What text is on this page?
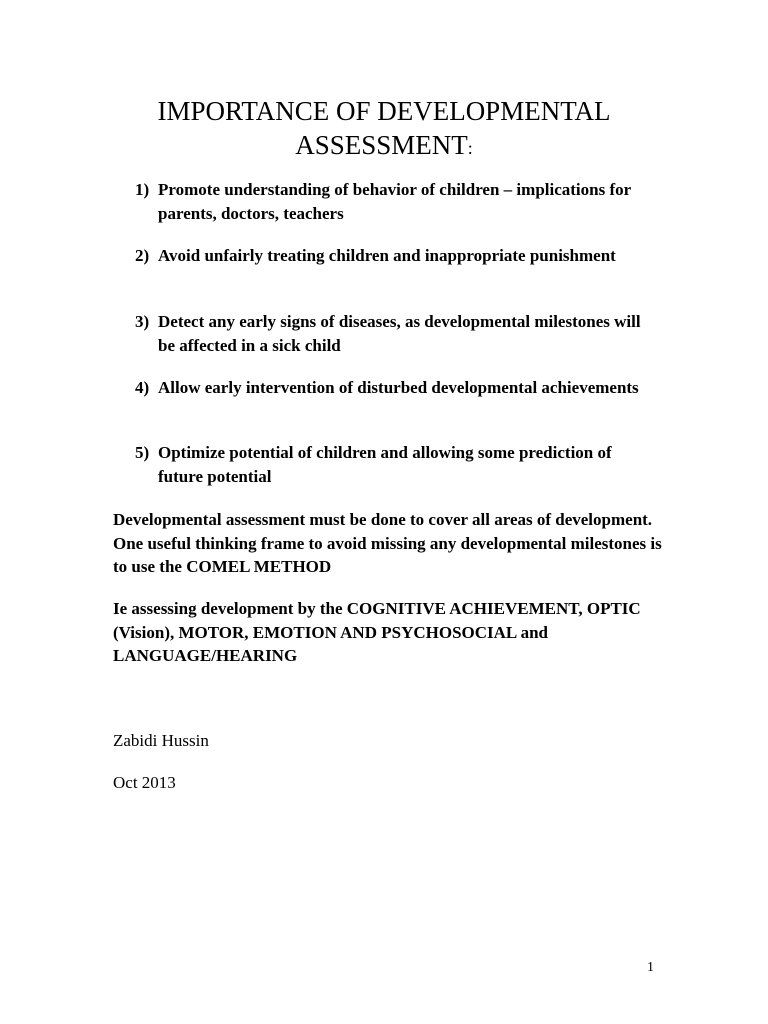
IMPORTANCE OF DEVELOPMENTAL
ASSESSMENT:
1) Promote understanding of behavior of children – implications for parents, doctors, teachers
2) Avoid unfairly treating children and inappropriate punishment
3) Detect any early signs of diseases, as developmental milestones will be affected in a sick child
4) Allow early intervention of disturbed developmental achievements
5) Optimize potential of children and allowing some prediction of future potential

Developmental assessment must be done to cover all areas of development. One useful thinking frame to avoid missing any developmental milestones is to use the COMEL METHOD

Ie assessing development by the COGNITIVE ACHIEVEMENT, OPTIC (Vision), MOTOR, EMOTION AND PSYCHOSOCIAL and LANGUAGE/HEARING

Zabidi Hussin

Oct 2013

1
